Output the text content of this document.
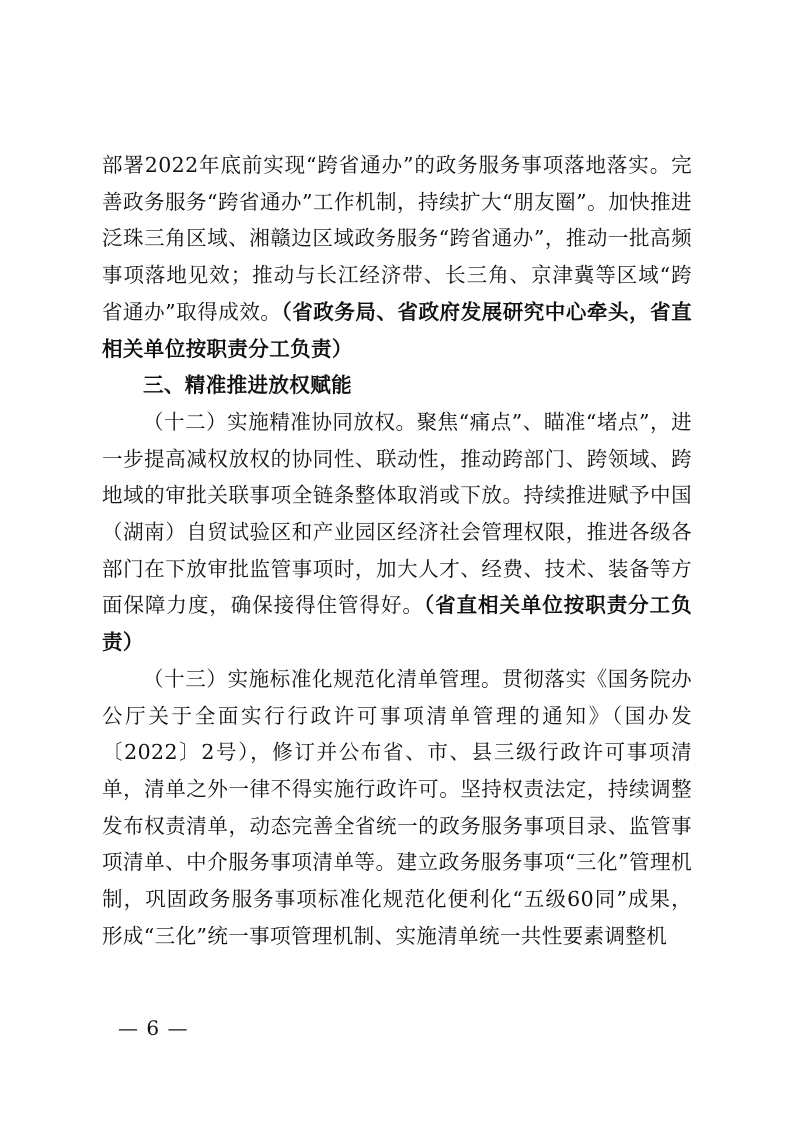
部署2022年底前实现“跨省通办”的政务服务事项落地落实。完善政务服务“跨省通办”工作机制，持续扩大“朋友圈”。加快推进泛珠三角区域、湘赣边区域政务服务“跨省通办”，推动一批高频事项落地见效；推动与长江经济带、长三角、京津冀等区域“跨省通办”取得成效。（省政务局、省政府发展研究中心牵头，省直相关单位按职责分工负责）

三、精准推进放权赋能

（十二）实施精准协同放权。聚焦“痛点”、瞄准“堵点”，进一步提高减权放权的协同性、联动性，推动跨部门、跨领域、跨地域的审批关联事项全链条整体取消或下放。持续推进赋予中国（湖南）自贸试验区和产业园区经济社会管理权限，推进各级各部门在下放审批监管事项时，加大人才、经费、技术、装备等方面保障力度，确保接得住管得好。（省直相关单位按职责分工负责）

（十三）实施标准化规范化清单管理。贯彻落实《国务院办公厅关于全面实行行政许可事项清单管理的通知》（国办发〔2022〕2号），修订并公布省、市、县三级行政许可事项清单，清单之外一律不得实施行政许可。坚持权责法定，持续调整发布权责清单，动态完善全省统一的政务服务事项目录、监管事项清单、中介服务事项清单等。建立政务服务事项“三化”管理机制，巩固政务服务事项标准化规范化便利化“五级60同”成果，形成“三化”统一事项管理机制、实施清单统一共性要素调整机

— 6 —
